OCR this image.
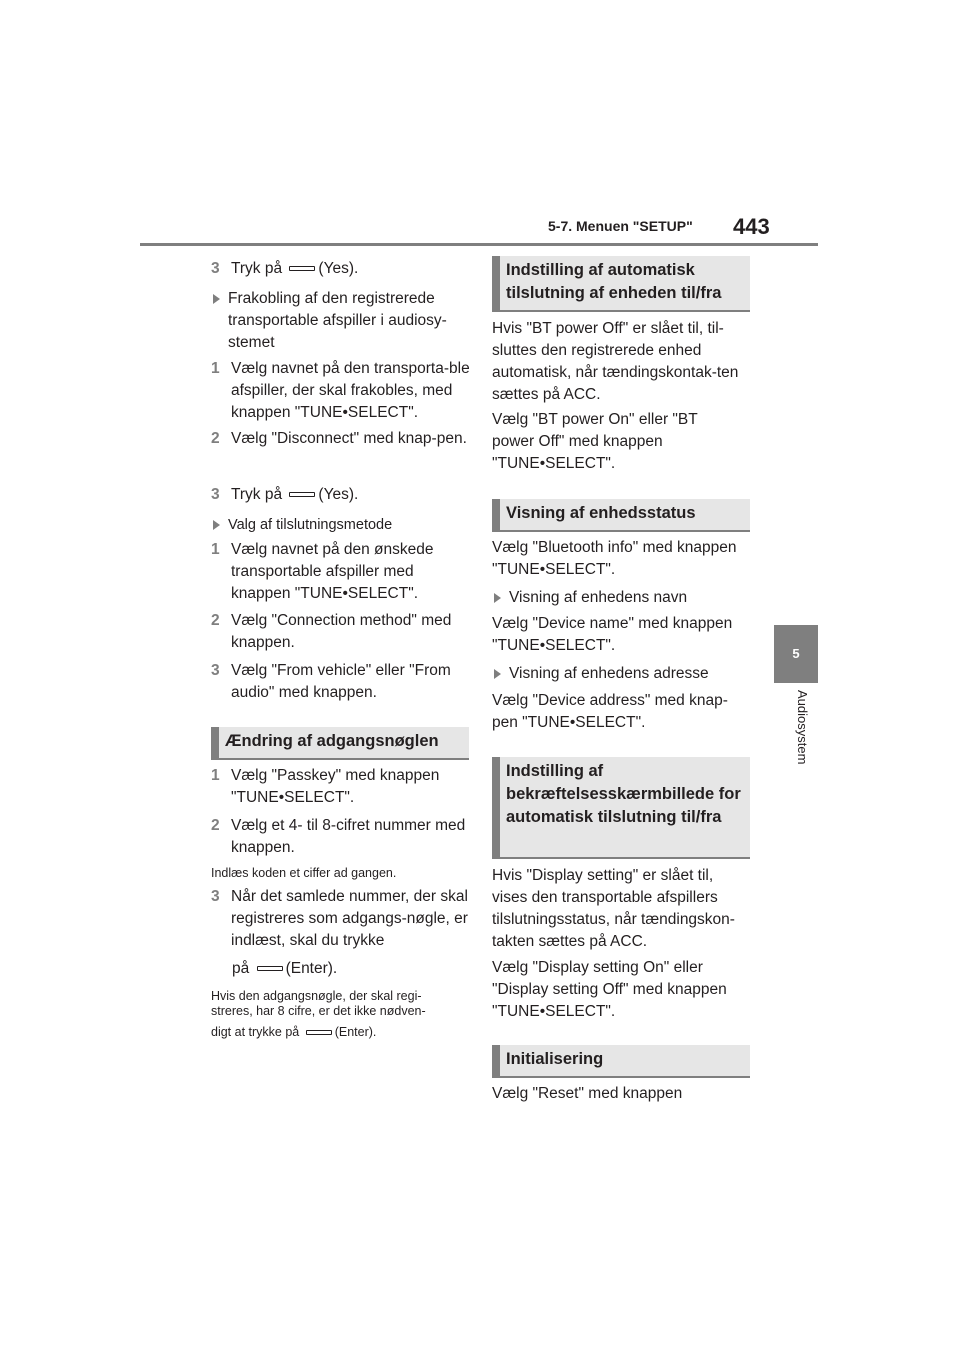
5-7. Menuen "SETUP" 443
5
Audiosystem
3 Tryk på (Yes).
Frakobling af den registrerede transportable afspiller i audiosy-stemet
1 Vælg navnet på den transporta-ble afspiller, der skal frakobles, med knappen "TUNE•SELECT".
2 Vælg "Disconnect" med knap-pen.
3 Tryk på (Yes).
Valg af tilslutningsmetode
1 Vælg navnet på den ønskede transportable afspiller med knappen "TUNE•SELECT".
2 Vælg "Connection method" med knappen.
3 Vælg "From vehicle" eller "From audio" med knappen.
Ændring af adgangsnøglen
1 Vælg "Passkey" med knappen "TUNE•SELECT".
2 Vælg et 4- til 8-cifret nummer med knappen.
Indlæs koden et ciffer ad gangen.
3 Når det samlede nummer, der skal registreres som adgangs-nøgle, er indlæst, skal du trykke
på (Enter).
Hvis den adgangsnøgle, der skal regi-streres, har 8 cifre, er det ikke nødven-
digt at trykke på	(Enter).
Indstilling af automatisk tilslutning af enheden til/fra

Hvis "BT power Off" er slået til, til-sluttes den registrerede enhed automatisk, når tændingskontak-ten sættes på ACC.

Vælg "BT power On" eller "BT power Off" med knappen "TUNE•SELECT".

Visning af enhedsstatus

Vælg "Bluetooth info" med knappen "TUNE•SELECT".

Visning af enhedens navn

Vælg "Device name" med knappen "TUNE•SELECT".

Visning af enhedens adresse

Vælg "Device address" med knap-pen "TUNE•SELECT".

Indstilling af bekræftelsesskærmbillede for automatisk tilslutning til/fra

Hvis "Display setting" er slået til, vises den transportable afspillers tilslutningsstatus, når tændingskon-takten sættes på ACC.

Vælg "Display setting On" eller "Display setting Off" med knappen "TUNE•SELECT".

Initialisering

Vælg "Reset" med knappen
